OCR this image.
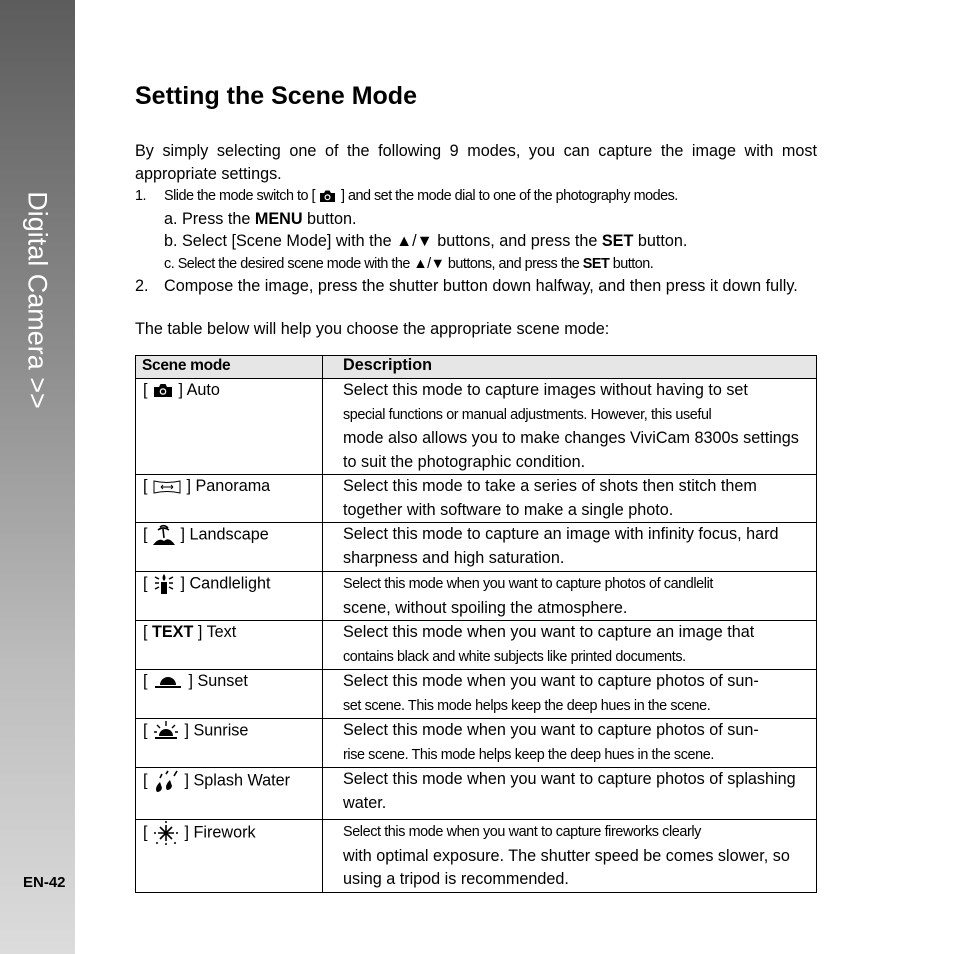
Digital Camera >>
EN-42
Setting the Scene Mode
By simply selecting one of the following 9 modes, you can capture the image with most appropriate settings.
1.	Slide the mode switch to [ ] and set the mode dial to one of the photography modes.
a. Press the MENU button.
b. Select [Scene Mode] with the ▲/▼ buttons, and press the SET button.
c. Select the desired scene mode with the ▲/▼ buttons, and press the SET button.
2. Compose the image, press the shutter button down halfway, and then press it down fully.
The table below will help you choose the appropriate scene mode:
Scene mode	Description
[
] Auto	Select this mode to capture images without having to set
special functions or manual adjustments. However, this useful
mode also allows you to make changes ViviCam 8300s settings to suit the photographic condition.
[
] Panorama	Select this mode to take a series of shots then stitch them together with software to make a single photo.
[
] Landscape	Select this mode to capture an image with infinity focus, hard sharpness and high saturation.
[
] Candlelight	Select this mode when you want to capture photos of candlelit
scene, without spoiling the atmosphere.
[ TEXT ] Text	Select this mode when you want to capture an image that
contains black and white subjects like printed documents.
[
] Sunset	Select this mode when you want to capture photos of sun-
set scene. This mode helps keep the deep hues in the scene.
[
] Sunrise	Select this mode when you want to capture photos of sun-
rise scene. This mode helps keep the deep hues in the scene.
[
] Splash Water	Select this mode when you want to capture photos of splashing water.
[
] Firework	Select this mode when you want to capture fireworks clearly
with optimal exposure. The shutter speed be comes slower, so using a tripod is recommended.
